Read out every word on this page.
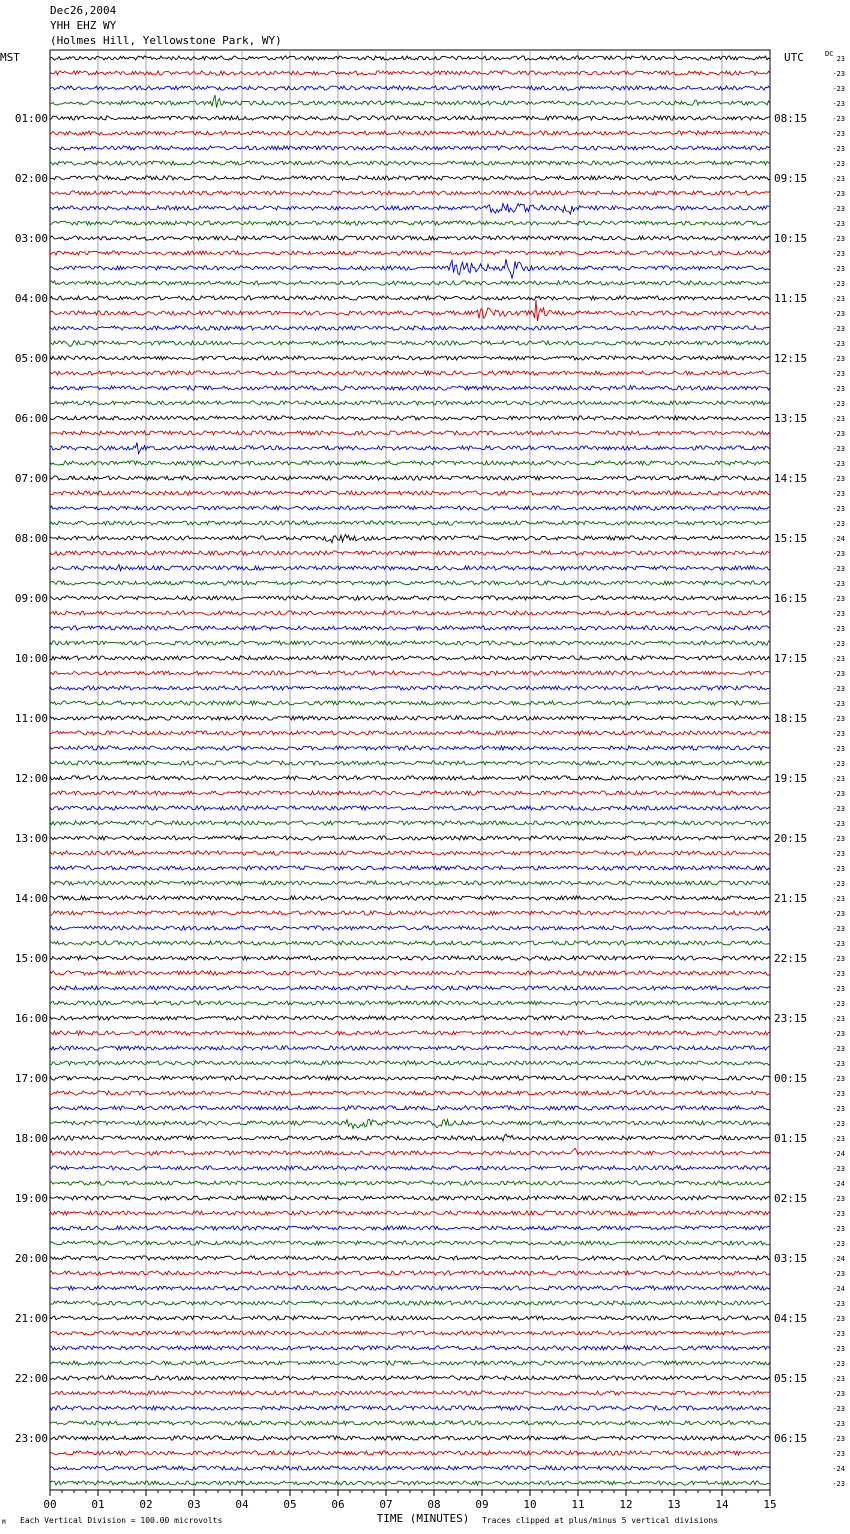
Dec26,2004
YHH EHZ WY
(Holmes Hill, Yellowstone Park, WY)
00	01	02	03	04	05	06	07	08	09	10	11	12	13	14	15
TIME (MINUTES)
MST	UTC	DC
01:00
02:00
03:00
04:00
05:00
06:00
07:00
08:00
09:00
10:00
11:00
12:00
13:00
14:00
15:00
16:00
17:00
18:00
19:00
20:00
21:00
22:00
23:00
08:15
09:15
10:15
11:15
12:15
13:15
14:15
15:15
16:15
17:15
18:15
19:15
20:15
21:15
22:15
23:15
00:15
01:15
02:15
03:15
04:15
05:15
06:15
23
-23
-23
-23
-23
-23
-23
-23
-23
-23
-23
-23
-23
-23
-23
-23
-23
-23
-23
-23
-23
-23
-23
-23
-23
-23
-23
-23
-23
-23
-23
-23
-24
-23
-23
-23
-23
-23
-23
-23
-23
-23
-23
-23
-23
-23
-23
-23
-23
-23
-23
-23
-23
-23
-23
-23
-23
-23
-23
-23
-23
-23
-23
-23
-23
-23
-23
-23
-23
-23
-23
-23
-23
-24
-23
-24
-23
-23
-23
-23
-24
-23
-24
-23
-23
-23
-23
-23
-23
-23
-23
-23
-23
-23
-24
-23
M Each Vertical Division = 100.00 microvolts	Traces clipped at plus/minus 5 vertical divisions
